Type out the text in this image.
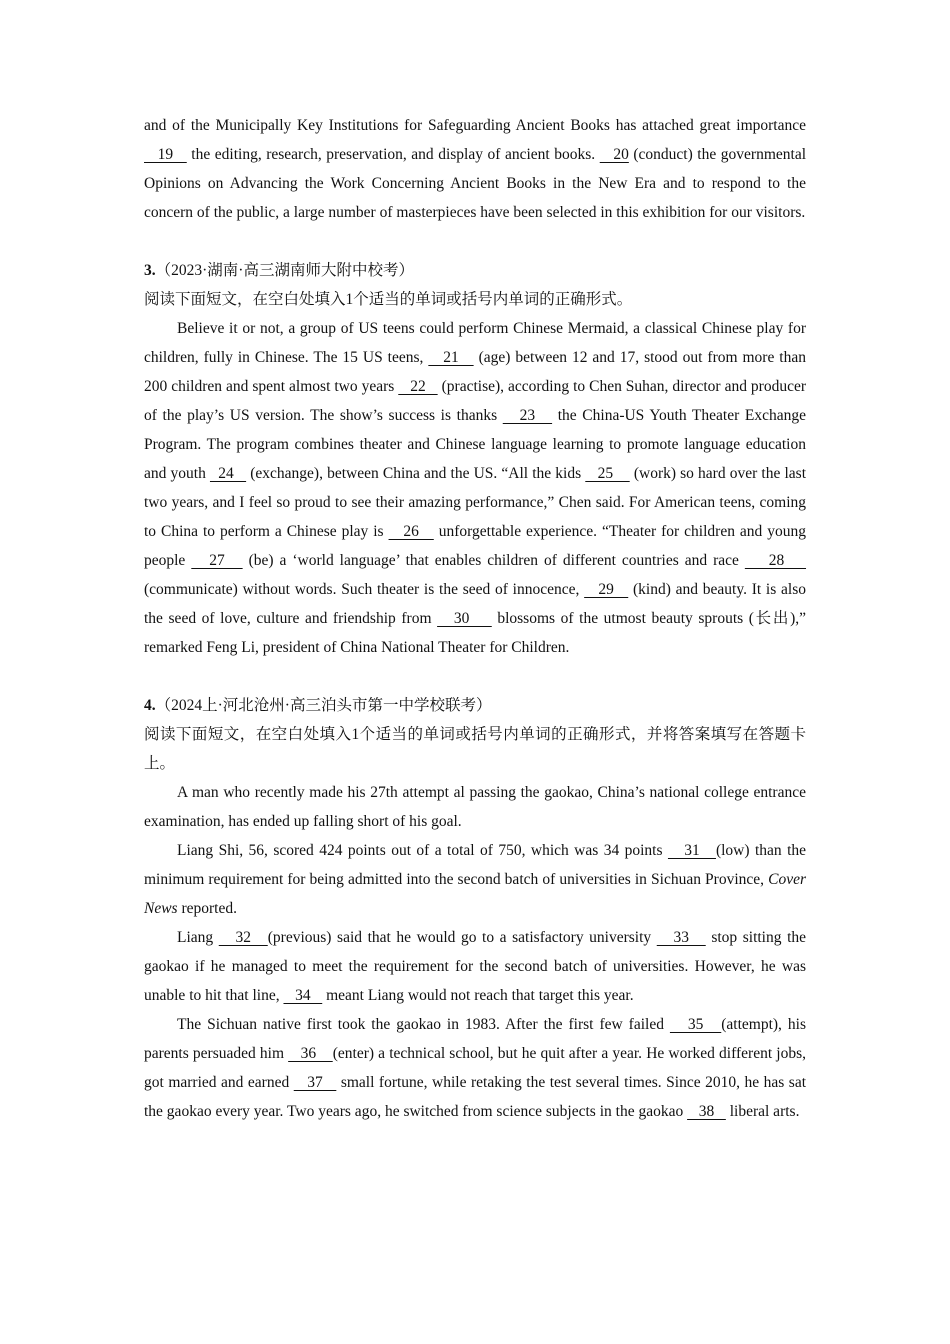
and of the Municipally Key Institutions for Safeguarding Ancient Books has attached great importance    19    the editing, research, preservation, and display of ancient books.    20 (conduct) the governmental Opinions on Advancing the Work Concerning Ancient Books in the New Era and to respond to the concern of the public, a large number of masterpieces have been selected in this exhibition for our visitors.

3.（2023·湖南·高三湖南师大附中校考）

阅读下面短文，在空白处填入1个适当的单词或括号内单词的正确形式。

Believe it or not, a group of US teens could perform Chinese Mermaid, a classical Chinese play for children, fully in Chinese. The 15 US teens,    21    (age) between 12 and 17, stood out from more than 200 children and spent almost two years    22    (practise), according to Chen Suhan, director and producer of the play’s US version. The show’s success is thanks    23    the China-US Youth Theater Exchange Program. The program combines theater and Chinese language learning to promote language education and youth   24    (exchange), between China and the US. “All the kids    25     (work) so hard over the last two years, and I feel so proud to see their amazing performance,” Chen said. For American teens, coming to China to perform a Chinese play is    26    unforgettable experience. “Theater for children and young people    27    (be) a ‘world language’ that enables children of different countries and race     28     (communicate) without words. Such theater is the seed of innocence,    29    (kind) and beauty. It is also the seed of love, culture and friendship from    30     blossoms of the utmost beauty sprouts (长出),” remarked Feng Li, president of China National Theater for Children.

4.（2024上·河北沧州·高三泊头市第一中学校联考）

阅读下面短文，在空白处填入1个适当的单词或括号内单词的正确形式，并将答案填写在答题卡上。

A man who recently made his 27th attempt al passing the gaokao, China’s national college entrance examination, has ended up falling short of his goal.

Liang Shi, 56, scored 424 points out of a total of 750, which was 34 points    31   (low) than the minimum requirement for being admitted into the second batch of universities in Sichuan Province, Cover News reported.

Liang    32   (previous) said that he would go to a satisfactory university    33    stop sitting the gaokao if he managed to meet the requirement for the second batch of universities. However, he was unable to hit that line,    34    meant Liang would not reach that target this year.

The Sichuan native first took the gaokao in 1983. After the first few failed    35   (attempt), his parents persuaded him    36    (enter) a technical school, but he quit after a year. He worked different jobs, got married and earned    37    small fortune, while retaking the test several times. Since 2010, he has sat the gaokao every year. Two years ago, he switched from science subjects in the gaokao    38    liberal arts.
